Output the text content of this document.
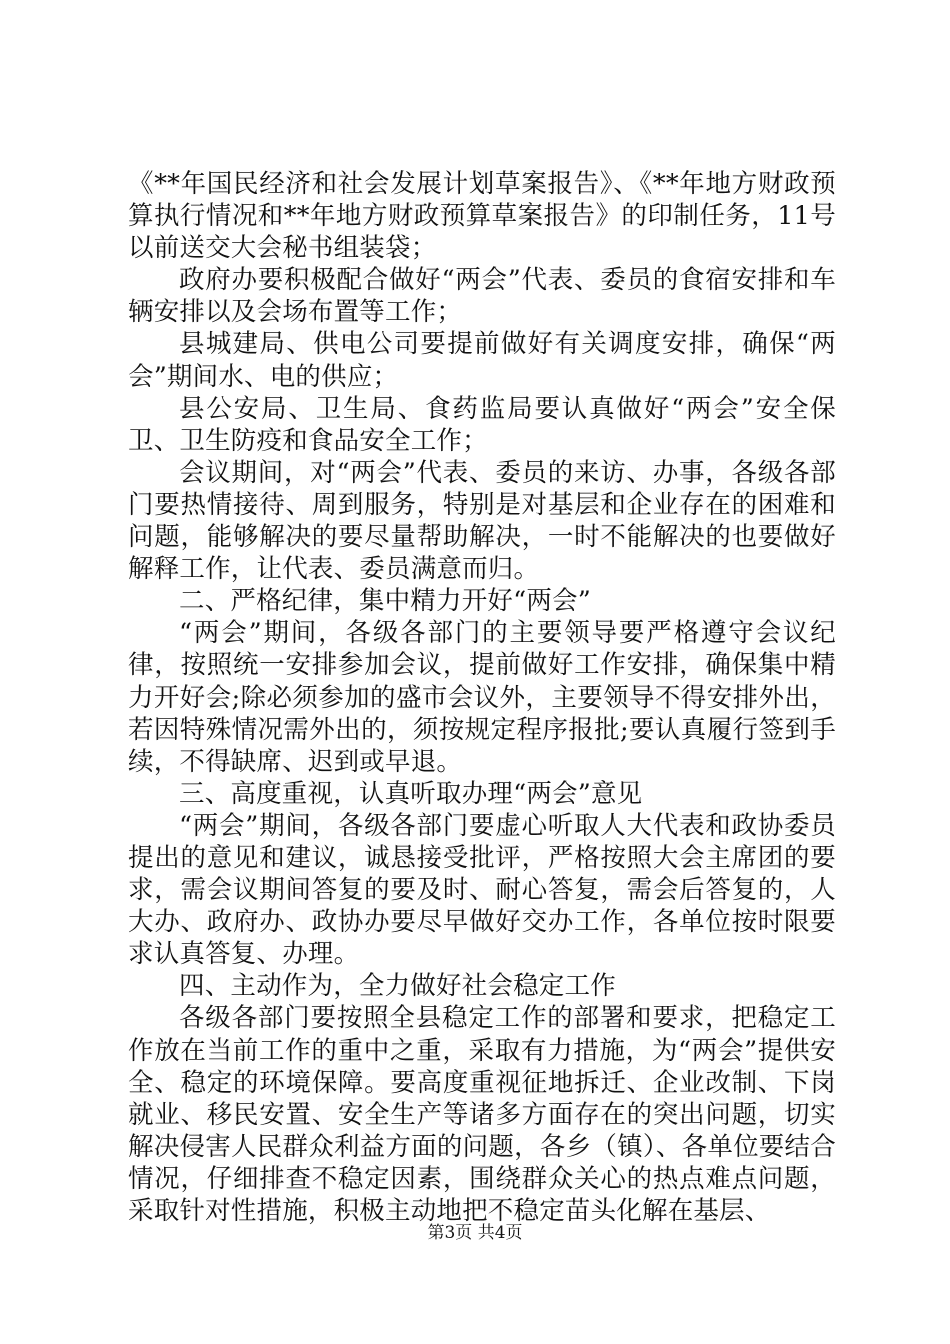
《**年国民经济和社会发展计划草案报告》、《**年地方财政预算执行情况和**年地方财政预算草案报告》的印制任务，11号以前送交大会秘书组装袋；

政府办要积极配合做好“两会”代表、委员的食宿安排和车辆安排以及会场布置等工作；

县城建局、供电公司要提前做好有关调度安排，确保“两会”期间水、电的供应；

县公安局、卫生局、食药监局要认真做好“两会”安全保卫、卫生防疫和食品安全工作；

会议期间，对“两会”代表、委员的来访、办事，各级各部门要热情接待、周到服务，特别是对基层和企业存在的困难和问题，能够解决的要尽量帮助解决，一时不能解决的也要做好解释工作，让代表、委员满意而归。

二、严格纪律，集中精力开好“两会”

“两会”期间，各级各部门的主要领导要严格遵守会议纪律，按照统一安排参加会议，提前做好工作安排，确保集中精力开好会;除必须参加的盛市会议外，主要领导不得安排外出，若因特殊情况需外出的，须按规定程序报批;要认真履行签到手续，不得缺席、迟到或早退。

三、高度重视，认真听取办理“两会”意见

“两会”期间，各级各部门要虚心听取人大代表和政协委员提出的意见和建议，诚恳接受批评，严格按照大会主席团的要求，需会议期间答复的要及时、耐心答复，需会后答复的，人大办、政府办、政协办要尽早做好交办工作，各单位按时限要求认真答复、办理。

四、主动作为，全力做好社会稳定工作

各级各部门要按照全县稳定工作的部署和要求，把稳定工作放在当前工作的重中之重，采取有力措施，为“两会”提供安全、稳定的环境保障。要高度重视征地拆迁、企业改制、下岗就业、移民安置、安全生产等诸多方面存在的突出问题，切实解决侵害人民群众利益方面的问题，各乡（镇）、各单位要结合情况，仔细排查不稳定因素，围绕群众关心的热点难点问题，采取针对性措施，积极主动地把不稳定苗头化解在基层、

第3页 共4页
